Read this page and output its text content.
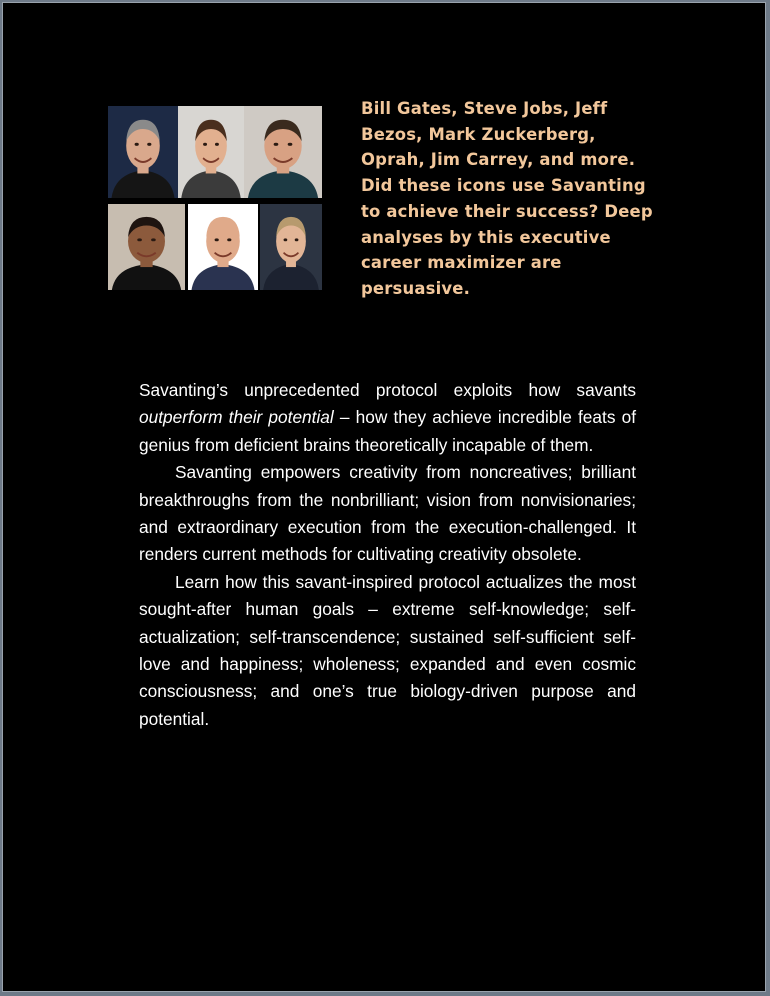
Bill Gates, Steve Jobs, Jeff Bezos, Mark Zuckerberg, Oprah, Jim Carrey, and more. Did these icons use Savanting to achieve their success? Deep analyses by this executive career maximizer are persuasive.

Savanting’s unprecedented protocol exploits how savants outperform their potential – how they achieve incredible feats of genius from deficient brains theoretically incapable of them.

Savanting empowers creativity from noncreatives; brilliant breakthroughs from the nonbrilliant; vision from nonvisionaries; and extraordinary execution from the execution-challenged. It renders current methods for cultivating creativity obsolete.

Learn how this savant-inspired protocol actualizes the most sought-after human goals – extreme self-knowledge; self-actualization; self-transcendence; sustained self-sufficient self-love and happiness; wholeness; expanded and even cosmic consciousness; and one’s true biology-driven purpose and potential.
